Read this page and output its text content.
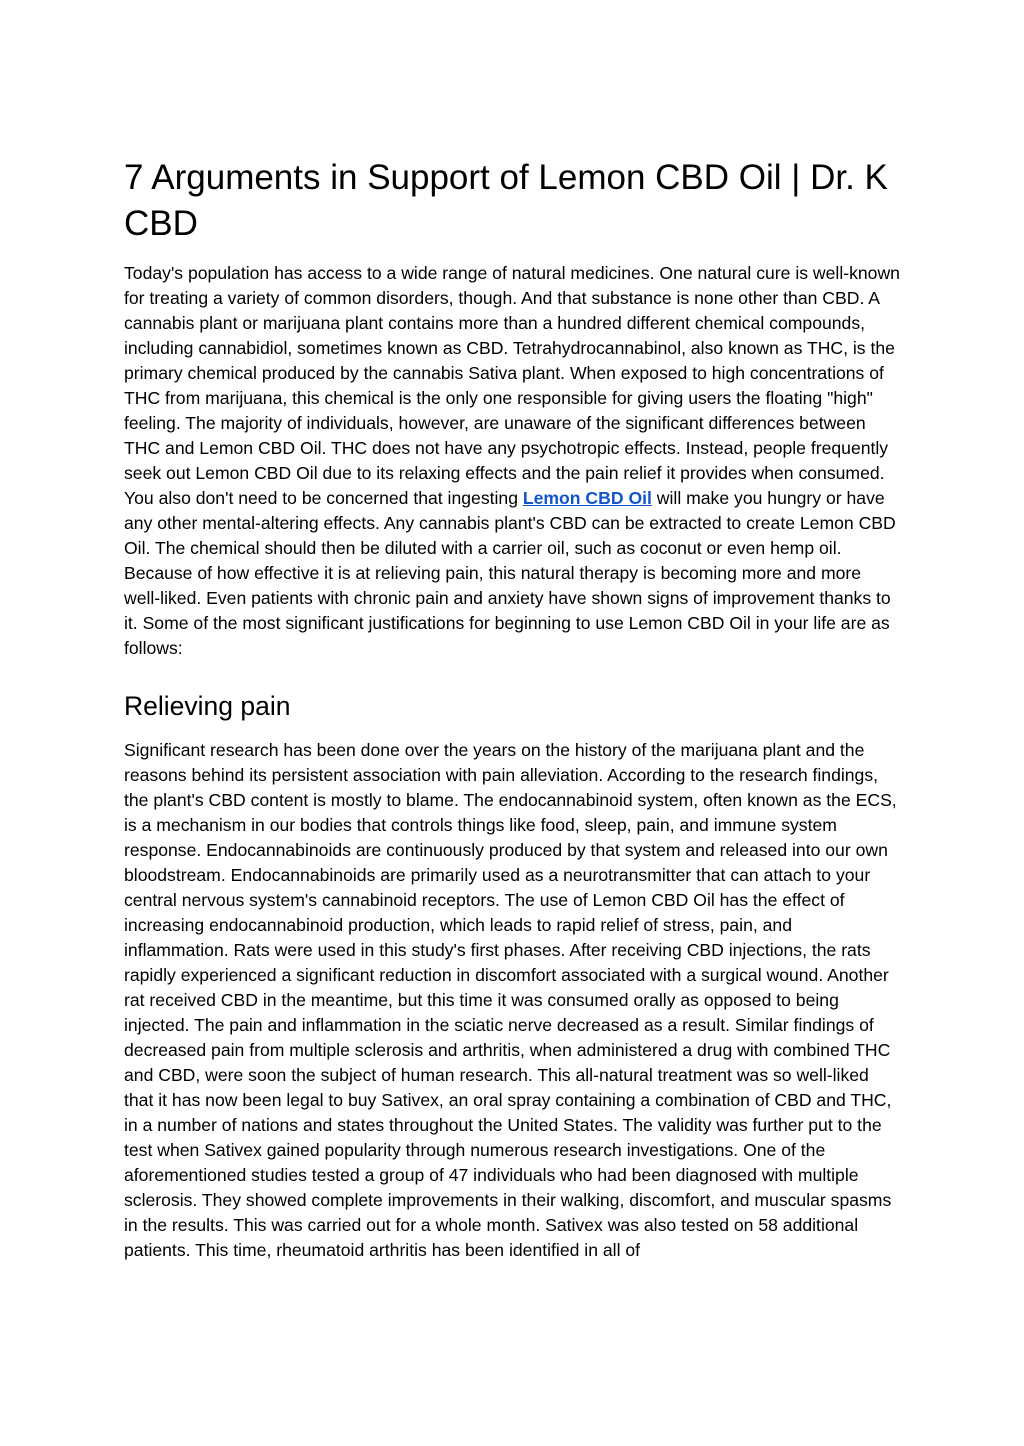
7 Arguments in Support of Lemon CBD Oil | Dr. K CBD

Today's population has access to a wide range of natural medicines. One natural cure is well-known for treating a variety of common disorders, though. And that substance is none other than CBD. A cannabis plant or marijuana plant contains more than a hundred different chemical compounds, including cannabidiol, sometimes known as CBD. Tetrahydrocannabinol, also known as THC, is the primary chemical produced by the cannabis Sativa plant. When exposed to high concentrations of THC from marijuana, this chemical is the only one responsible for giving users the floating "high" feeling. The majority of individuals, however, are unaware of the significant differences between THC and Lemon CBD Oil. THC does not have any psychotropic effects. Instead, people frequently seek out Lemon CBD Oil due to its relaxing effects and the pain relief it provides when consumed. You also don't need to be concerned that ingesting Lemon CBD Oil will make you hungry or have any other mental-altering effects. Any cannabis plant's CBD can be extracted to create Lemon CBD Oil. The chemical should then be diluted with a carrier oil, such as coconut or even hemp oil. Because of how effective it is at relieving pain, this natural therapy is becoming more and more well-liked. Even patients with chronic pain and anxiety have shown signs of improvement thanks to it. Some of the most significant justifications for beginning to use Lemon CBD Oil in your life are as follows:

Relieving pain

Significant research has been done over the years on the history of the marijuana plant and the reasons behind its persistent association with pain alleviation. According to the research findings, the plant's CBD content is mostly to blame. The endocannabinoid system, often known as the ECS, is a mechanism in our bodies that controls things like food, sleep, pain, and immune system response. Endocannabinoids are continuously produced by that system and released into our own bloodstream. Endocannabinoids are primarily used as a neurotransmitter that can attach to your central nervous system's cannabinoid receptors. The use of Lemon CBD Oil has the effect of increasing endocannabinoid production, which leads to rapid relief of stress, pain, and inflammation. Rats were used in this study's first phases. After receiving CBD injections, the rats rapidly experienced a significant reduction in discomfort associated with a surgical wound. Another rat received CBD in the meantime, but this time it was consumed orally as opposed to being injected. The pain and inflammation in the sciatic nerve decreased as a result. Similar findings of decreased pain from multiple sclerosis and arthritis, when administered a drug with combined THC and CBD, were soon the subject of human research. This all-natural treatment was so well-liked that it has now been legal to buy Sativex, an oral spray containing a combination of CBD and THC, in a number of nations and states throughout the United States. The validity was further put to the test when Sativex gained popularity through numerous research investigations. One of the aforementioned studies tested a group of 47 individuals who had been diagnosed with multiple sclerosis. They showed complete improvements in their walking, discomfort, and muscular spasms in the results. This was carried out for a whole month. Sativex was also tested on 58 additional patients. This time, rheumatoid arthritis has been identified in all of
